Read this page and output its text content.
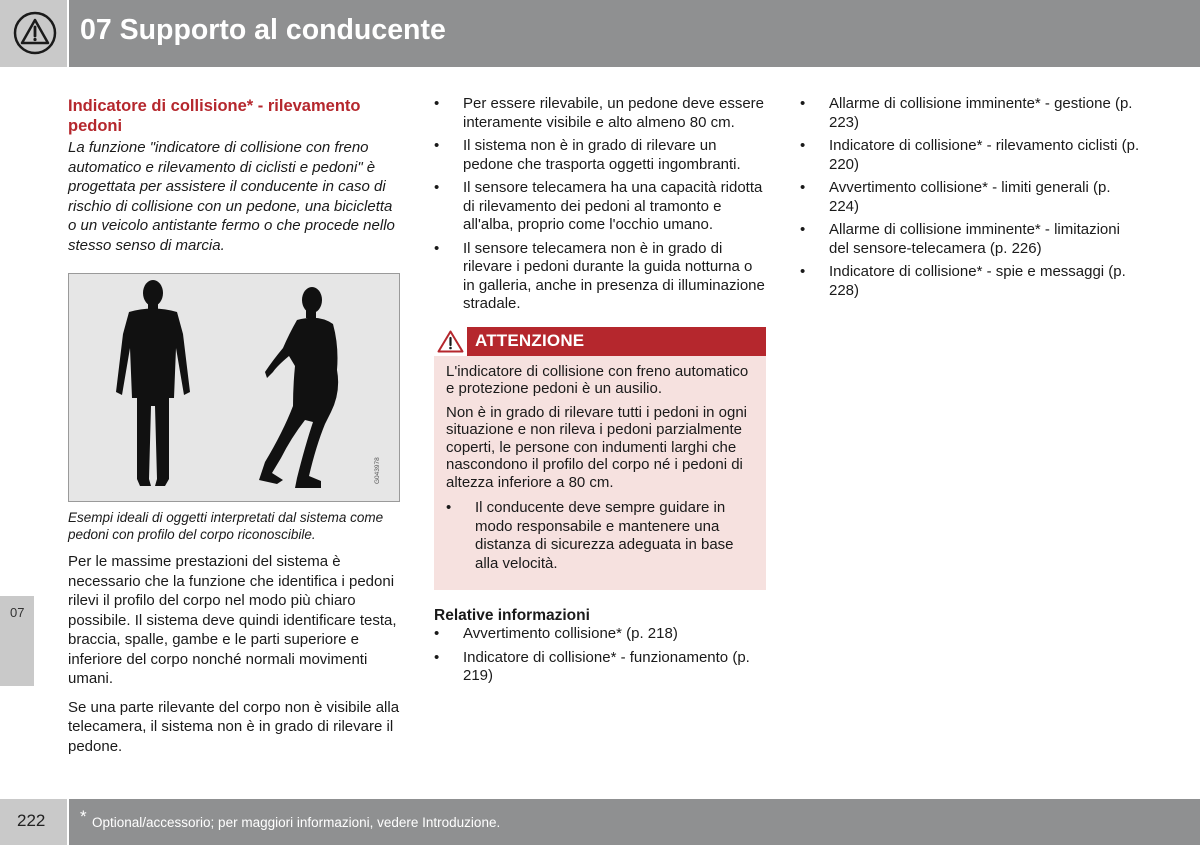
07 Supporto al conducente
07
Indicatore di collisione* - rilevamento pedoni

La funzione "indicatore di collisione con freno automatico e rilevamento di ciclisti e pedoni" è progettata per assistere il conducente in caso di rischio di collisione con un pedone, una bicicletta o un veicolo antistante fermo o che procede nello stesso senso di marcia.

Esempi ideali di oggetti interpretati dal sistema come pedoni con profilo del corpo riconoscibile.

Per le massime prestazioni del sistema è necessario che la funzione che identifica i pedoni rilevi il profilo del corpo nel modo più chiaro possibile. Il sistema deve quindi identificare testa, braccia, spalle, gambe e le parti superiore e inferiore del corpo nonché normali movimenti umani.

Se una parte rilevante del corpo non è visibile alla telecamera, il sistema non è in grado di rilevare il pedone.

G043978
• Per essere rilevabile, un pedone deve essere interamente visibile e alto almeno 80 cm.
• Il sistema non è in grado di rilevare un pedone che trasporta oggetti ingombranti.
• Il sensore telecamera ha una capacità ridotta di rilevamento dei pedoni al tramonto e all'alba, proprio come l'occhio umano.
• Il sensore telecamera non è in grado di rilevare i pedoni durante la guida notturna o in galleria, anche in presenza di illuminazione stradale.
ATTENZIONE

L'indicatore di collisione con freno automatico e protezione pedoni è un ausilio.

Non è in grado di rilevare tutti i pedoni in ogni situazione e non rileva i pedoni parzialmente coperti, le persone con indumenti larghi che nascondono il profilo del corpo né i pedoni di altezza inferiore a 80 cm.

• Il conducente deve sempre guidare in modo responsabile e mantenere una distanza di sicurezza adeguata in base alla velocità.
Relative informazioni
• Avvertimento collisione* (p. 218)
• Indicatore di collisione* - funzionamento (p. 219)
• Allarme di collisione imminente* - gestione (p. 223)
• Indicatore di collisione* - rilevamento ciclisti (p. 220)
• Avvertimento collisione* - limiti generali (p. 224)
• Allarme di collisione imminente* - limitazioni del sensore-telecamera (p. 226)
• Indicatore di collisione* - spie e messaggi (p. 228)
222 * Optional/accessorio; per maggiori informazioni, vedere Introduzione.
